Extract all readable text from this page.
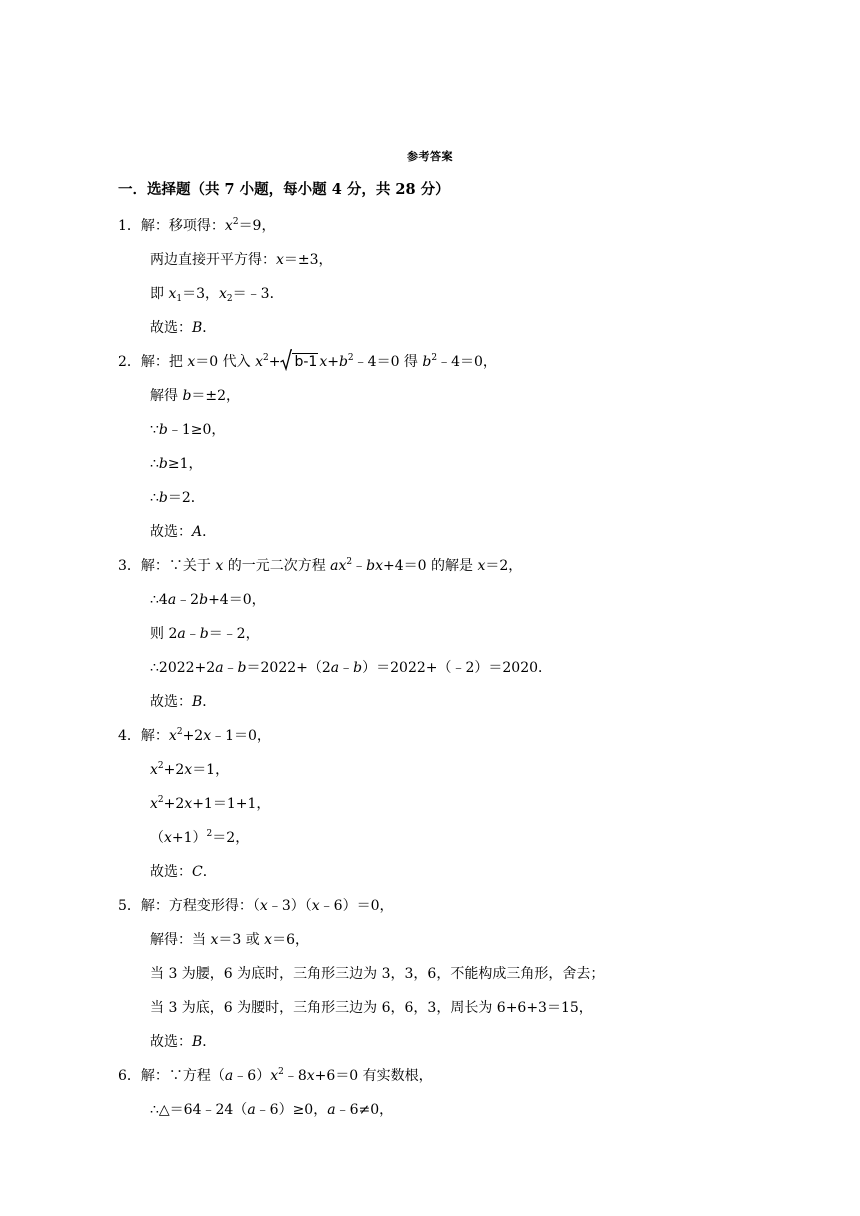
参考答案
一．选择题（共 7 小题，每小题 4 分，共 28 分）
1．解：移项得：$x^2=9$，
两边直接开平方得：x＝±3，
即 $x_1=3$，$x_2=﹣3$．
故选：B．
2．解：把 x＝0 代入 $x^2+ b-1$ $x+b^2﹣4=0$ 得 $b^2﹣4=0$，
解得 b＝±2，
∵b﹣1≥0，
∴b≥1，
∴b＝2．
故选：A．
3．解：∵关于 x 的一元二次方程 $ax^2﹣bx+4=0$ 的解是 x＝2，
∴4a﹣2b+4＝0，
则 2a﹣b＝﹣2，
∴2022+2a﹣b＝2022+（2a﹣b）＝2022+（﹣2）＝2020．
故选：B．
4．解：$x^2+2x﹣1=0$，
$x^2+2x=1$，
$x^2+2x+1=1+1$，
$(x+1)^2=2$，
故选：C．
5．解：方程变形得：（x﹣3）（x﹣6）＝0，
解得：当 x＝3 或 x＝6，
当 3 为腰，6 为底时，三角形三边为 3，3，6，不能构成三角形，舍去；
当 3 为底，6 为腰时，三角形三边为 6，6，3，周长为 6+6+3＝15，
故选：B．
6．解：∵方程$(a﹣6)x^2﹣8x+6=0$ 有实数根，
∴△＝64﹣24（a﹣6）≥0，a﹣6≠0，
